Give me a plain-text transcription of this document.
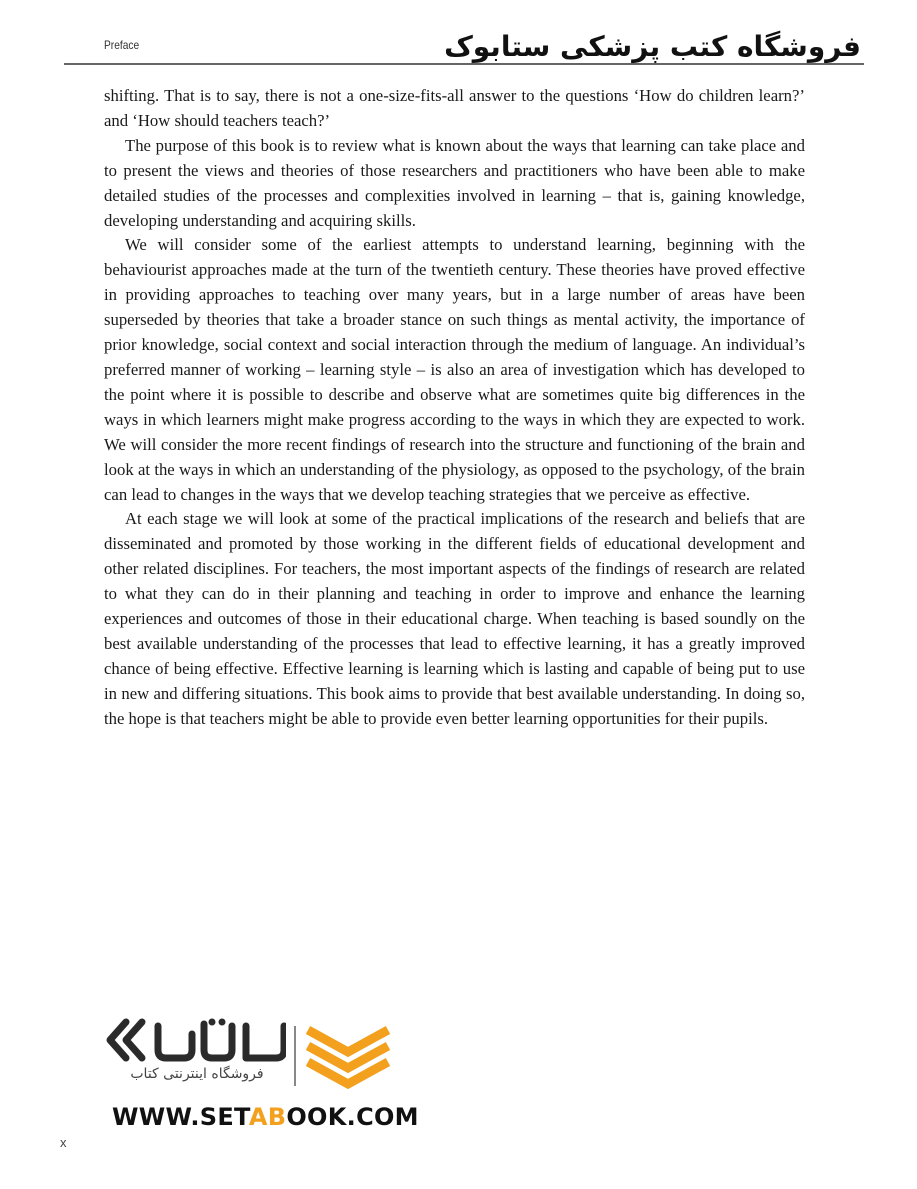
Preface	فروشگاه کتب پزشکی ستابوک

shifting. That is to say, there is not a one-size-fits-all answer to the questions ‘How do children learn?’ and ‘How should teachers teach?’

The purpose of this book is to review what is known about the ways that learning can take place and to present the views and theories of those researchers and practitioners who have been able to make detailed studies of the processes and complexities involved in learning – that is, gaining knowledge, developing understanding and acquiring skills.

We will consider some of the earliest attempts to understand learning, beginning with the behaviourist approaches made at the turn of the twentieth century. These theories have proved effective in providing approaches to teaching over many years, but in a large number of areas have been superseded by theories that take a broader stance on such things as mental activity, the importance of prior knowledge, social context and social interaction through the medium of language. An individual’s preferred manner of working – learning style – is also an area of investigation which has developed to the point where it is possible to describe and observe what are sometimes quite big differences in the ways in which learners might make progress according to the ways in which they are expected to work. We will consider the more recent findings of research into the structure and functioning of the brain and look at the ways in which an understanding of the physiology, as opposed to the psychology, of the brain can lead to changes in the ways that we develop teaching strategies that we perceive as effective.

At each stage we will look at some of the practical implications of the research and beliefs that are disseminated and promoted by those working in the different fields of educational development and other related disciplines. For teachers, the most important aspects of the findings of research are related to what they can do in their planning and teaching in order to improve and enhance the learning experiences and outcomes of those in their educational charge. When teaching is based soundly on the best available understanding of the processes that lead to effective learning, it has a greatly improved chance of being effective. Effective learning is learning which is lasting and capable of being put to use in new and differing situations. This book aims to provide that best available understanding. In doing so, the hope is that teachers might be able to provide even better learning opportunities for their pupils.

فروشگاه اینترنتی کتاب
WWW.SETABOOK.COM
x
